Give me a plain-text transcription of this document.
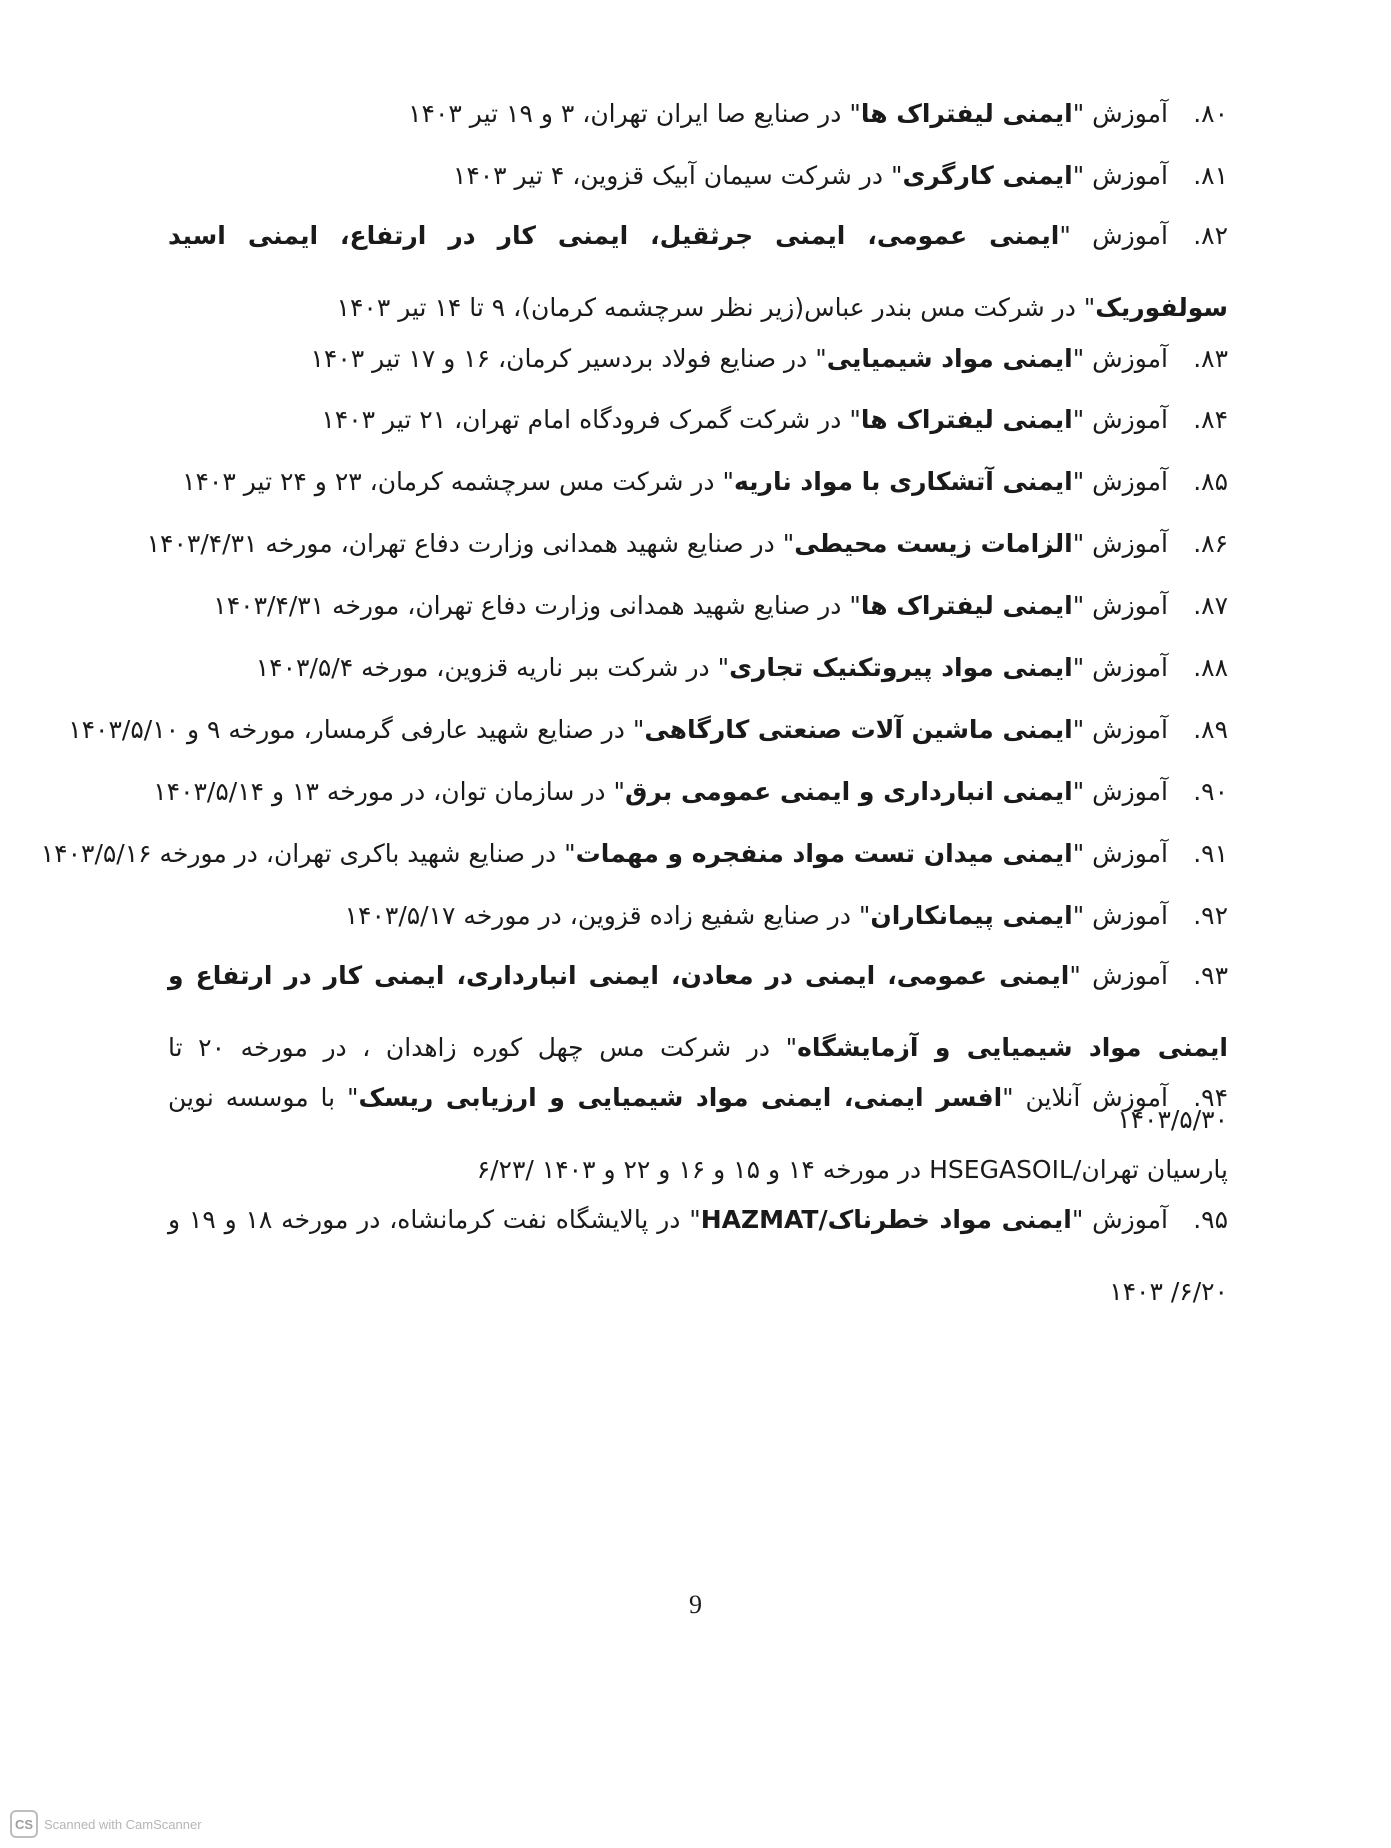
۸۰.آموزش "ایمنی لیفتراک ها" در صنایع صا ایران تهران، ۳ و ۱۹ تیر ۱۴۰۳
۸۱.آموزش "ایمنی کارگری" در شرکت سیمان آبیک قزوین، ۴ تیر ۱۴۰۳
۸۲.آموزش "ایمنی عمومی، ایمنی جرثقیل، ایمنی کار در ارتفاع، ایمنی اسید سولفوریک" در شرکت مس بندر عباس(زیر نظر سرچشمه کرمان)، ۹ تا ۱۴ تیر ۱۴۰۳
۸۳.آموزش "ایمنی مواد شیمیایی" در صنایع فولاد بردسیر کرمان، ۱۶ و ۱۷ تیر ۱۴۰۳
۸۴.آموزش "ایمنی لیفتراک ها" در شرکت گمرک فرودگاه امام تهران، ۲۱ تیر ۱۴۰۳
۸۵.آموزش "ایمنی آتشکاری با مواد ناریه" در شرکت مس سرچشمه کرمان، ۲۳ و ۲۴ تیر ۱۴۰۳
۸۶.آموزش "الزامات زیست محیطی" در صنایع شهید همدانی وزارت دفاع تهران، مورخه ۱۴۰۳/۴/۳۱
۸۷.آموزش "ایمنی لیفتراک ها" در صنایع شهید همدانی وزارت دفاع تهران، مورخه ۱۴۰۳/۴/۳۱
۸۸.آموزش "ایمنی مواد پیروتکنیک تجاری" در شرکت ببر ناریه قزوین، مورخه ۱۴۰۳/۵/۴
۸۹.آموزش "ایمنی ماشین آلات صنعتی کارگاهی" در صنایع شهید عارفی گرمسار، مورخه ۹ و ۱۴۰۳/۵/۱۰
۹۰.آموزش "ایمنی انبارداری و ایمنی عمومی برق" در سازمان توان، در مورخه ۱۳ و ۱۴۰۳/۵/۱۴
۹۱.آموزش "ایمنی میدان تست مواد منفجره و مهمات" در صنایع شهید باکری تهران، در مورخه ۱۴۰۳/۵/۱۶
۹۲.آموزش "ایمنی پیمانکاران" در صنایع شفیع زاده قزوین، در مورخه ۱۴۰۳/۵/۱۷
۹۳.آموزش "ایمنی عمومی، ایمنی در معادن، ایمنی انبارداری، ایمنی کار در ارتفاع و ایمنی مواد شیمیایی و آزمایشگاه" در شرکت مس چهل کوره زاهدان ، در مورخه ۲۰ تا ۱۴۰۳/۵/۳۰
۹۴.آموزش آنلاین "افسر ایمنی، ایمنی مواد شیمیایی و ارزیابی ریسک" با موسسه نوین پارسیان تهران/HSEGASOIL در مورخه ۱۴ و ۱۵ و ۱۶ و ۲۲ و ۱۴۰۳ /۶/۲۳
۹۵.آموزش "ایمنی مواد خطرناک/HAZMAT" در پالایشگاه نفت کرمانشاه، در مورخه ۱۸ و ۱۹ و ۶/۲۰/ ۱۴۰۳
9
CS Scanned with CamScanner
